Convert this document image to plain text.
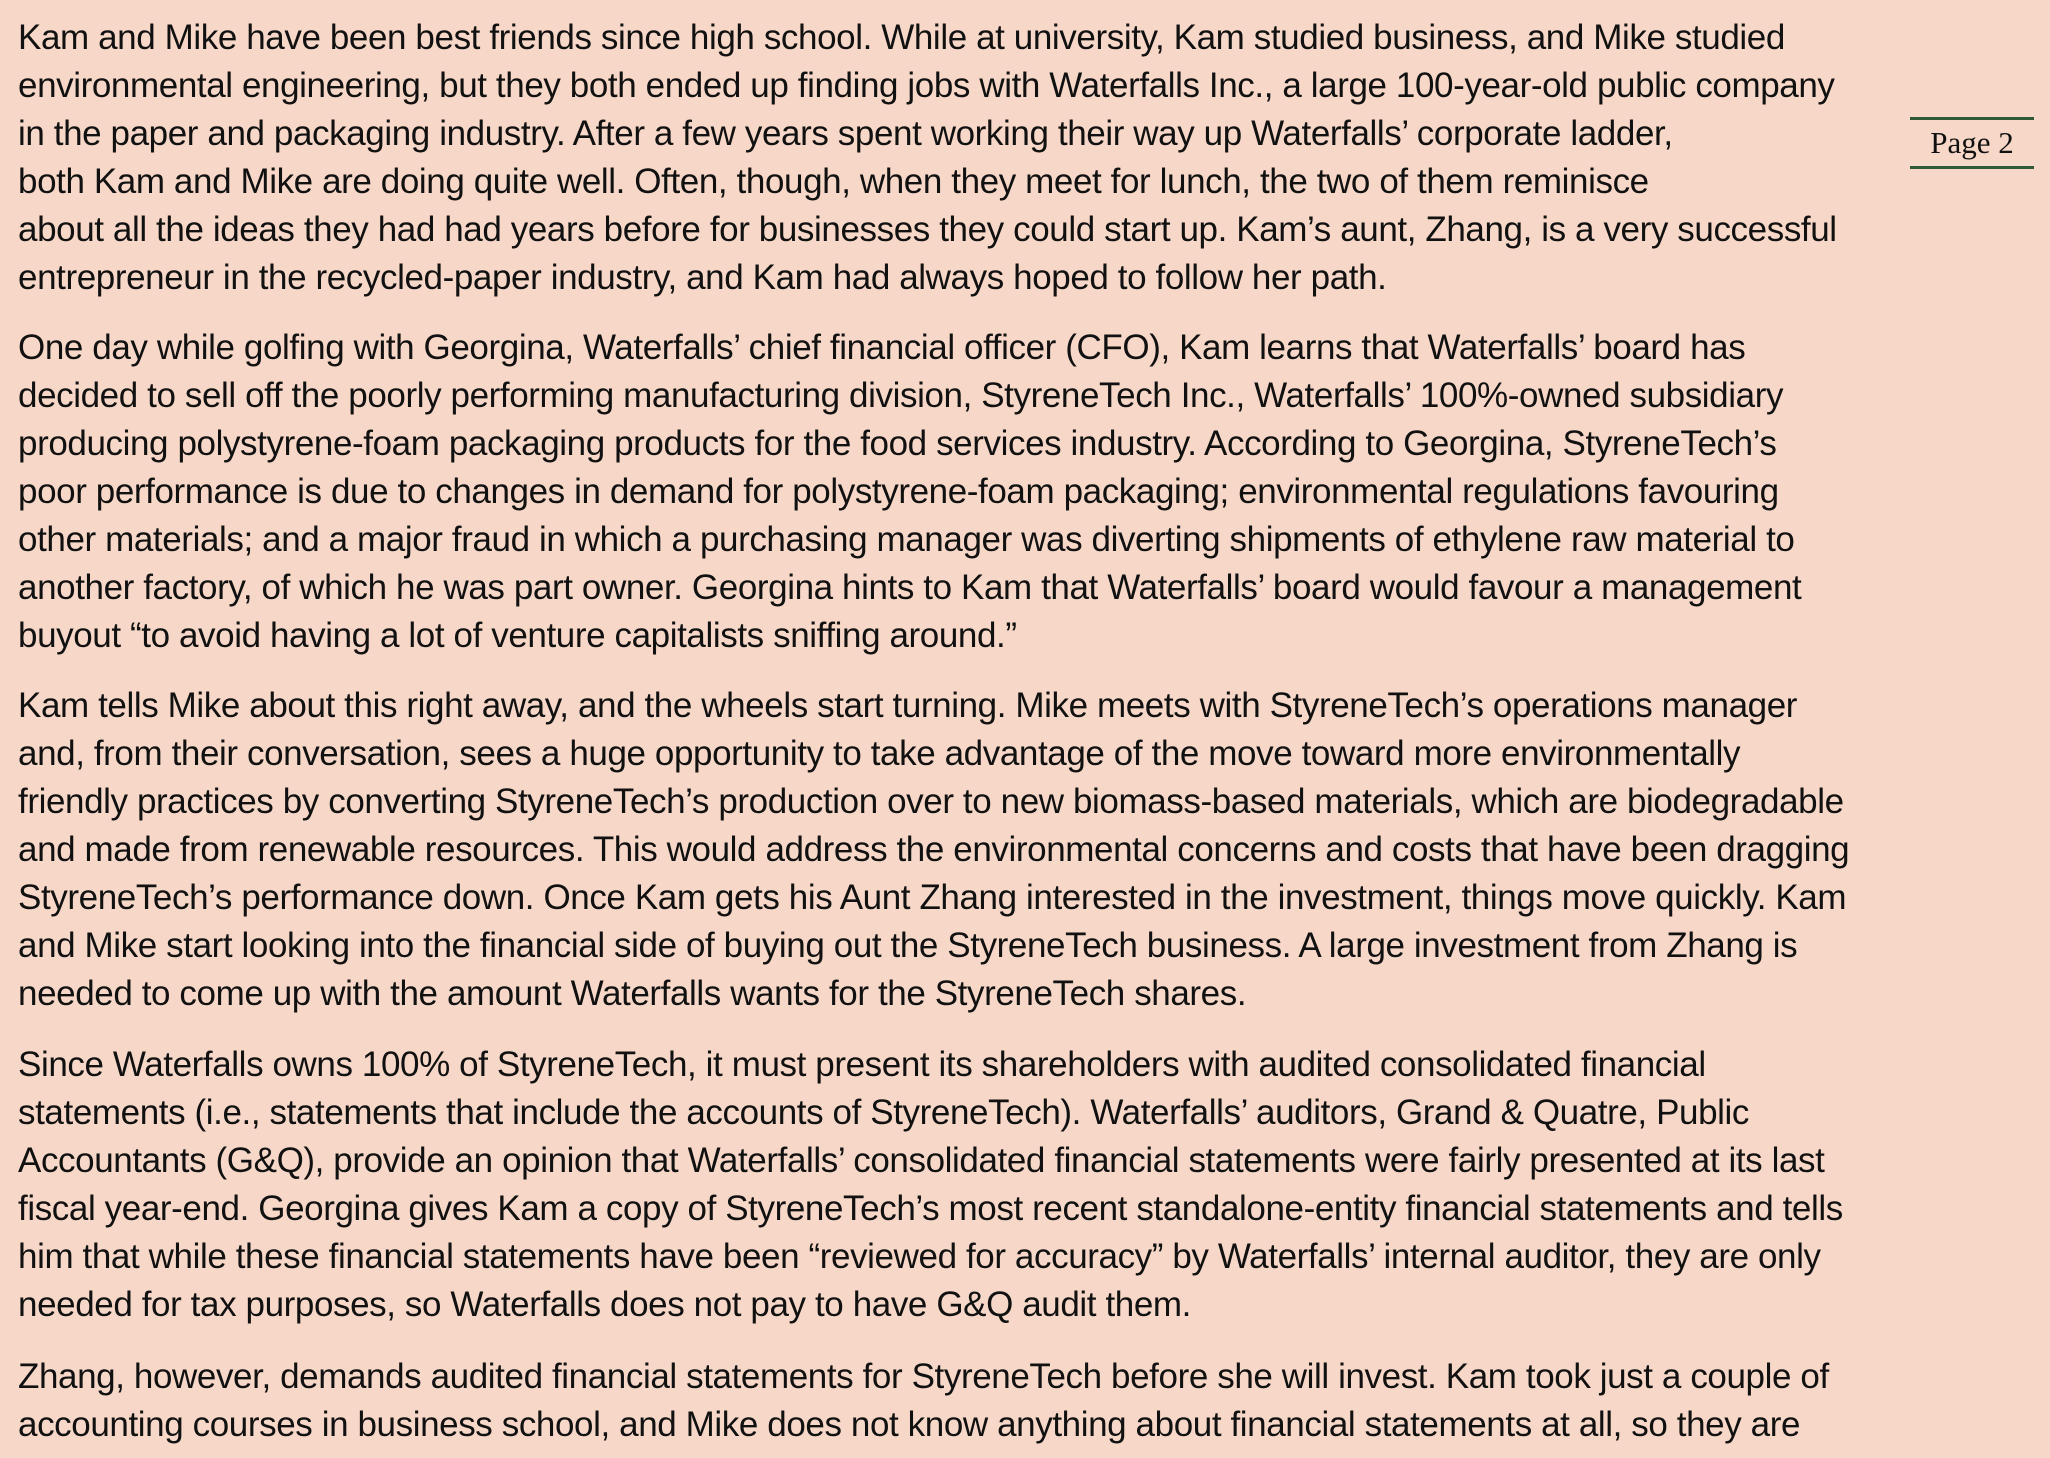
Kam and Mike have been best friends since high school. While at university, Kam studied business, and Mike studied
environmental engineering, but they both ended up finding jobs with Waterfalls Inc., a large 100-year-old public company
in the paper and packaging industry. After a few years spent working their way up Waterfalls’ corporate ladder,
both Kam and Mike are doing quite well. Often, though, when they meet for lunch, the two of them reminisce
about all the ideas they had had years before for businesses they could start up. Kam’s aunt, Zhang, is a very successful
entrepreneur in the recycled-paper industry, and Kam had always hoped to follow her path.
One day while golfing with Georgina, Waterfalls’ chief financial officer (CFO), Kam learns that Waterfalls’ board has
decided to sell off the poorly performing manufacturing division, StyreneTech Inc., Waterfalls’ 100%-owned subsidiary
producing polystyrene-foam packaging products for the food services industry. According to Georgina, StyreneTech’s
poor performance is due to changes in demand for polystyrene-foam packaging; environmental regulations favouring
other materials; and a major fraud in which a purchasing manager was diverting shipments of ethylene raw material to
another factory, of which he was part owner. Georgina hints to Kam that Waterfalls’ board would favour a management
buyout “to avoid having a lot of venture capitalists sniffing around.”
Kam tells Mike about this right away, and the wheels start turning. Mike meets with StyreneTech’s operations manager
and, from their conversation, sees a huge opportunity to take advantage of the move toward more environmentally
friendly practices by converting StyreneTech’s production over to new biomass-based materials, which are biodegradable
and made from renewable resources. This would address the environmental concerns and costs that have been dragging
StyreneTech’s performance down. Once Kam gets his Aunt Zhang interested in the investment, things move quickly. Kam
and Mike start looking into the financial side of buying out the StyreneTech business. A large investment from Zhang is
needed to come up with the amount Waterfalls wants for the StyreneTech shares.
Since Waterfalls owns 100% of StyreneTech, it must present its shareholders with audited consolidated financial
statements (i.e., statements that include the accounts of StyreneTech). Waterfalls’ auditors, Grand & Quatre, Public
Accountants (G&Q), provide an opinion that Waterfalls’ consolidated financial statements were fairly presented at its last
fiscal year-end. Georgina gives Kam a copy of StyreneTech’s most recent standalone-entity financial statements and tells
him that while these financial statements have been “reviewed for accuracy” by Waterfalls’ internal auditor, they are only
needed for tax purposes, so Waterfalls does not pay to have G&Q audit them.
Zhang, however, demands audited financial statements for StyreneTech before she will invest. Kam took just a couple of
accounting courses in business school, and Mike does not know anything about financial statements at all, so they are
Page 2
